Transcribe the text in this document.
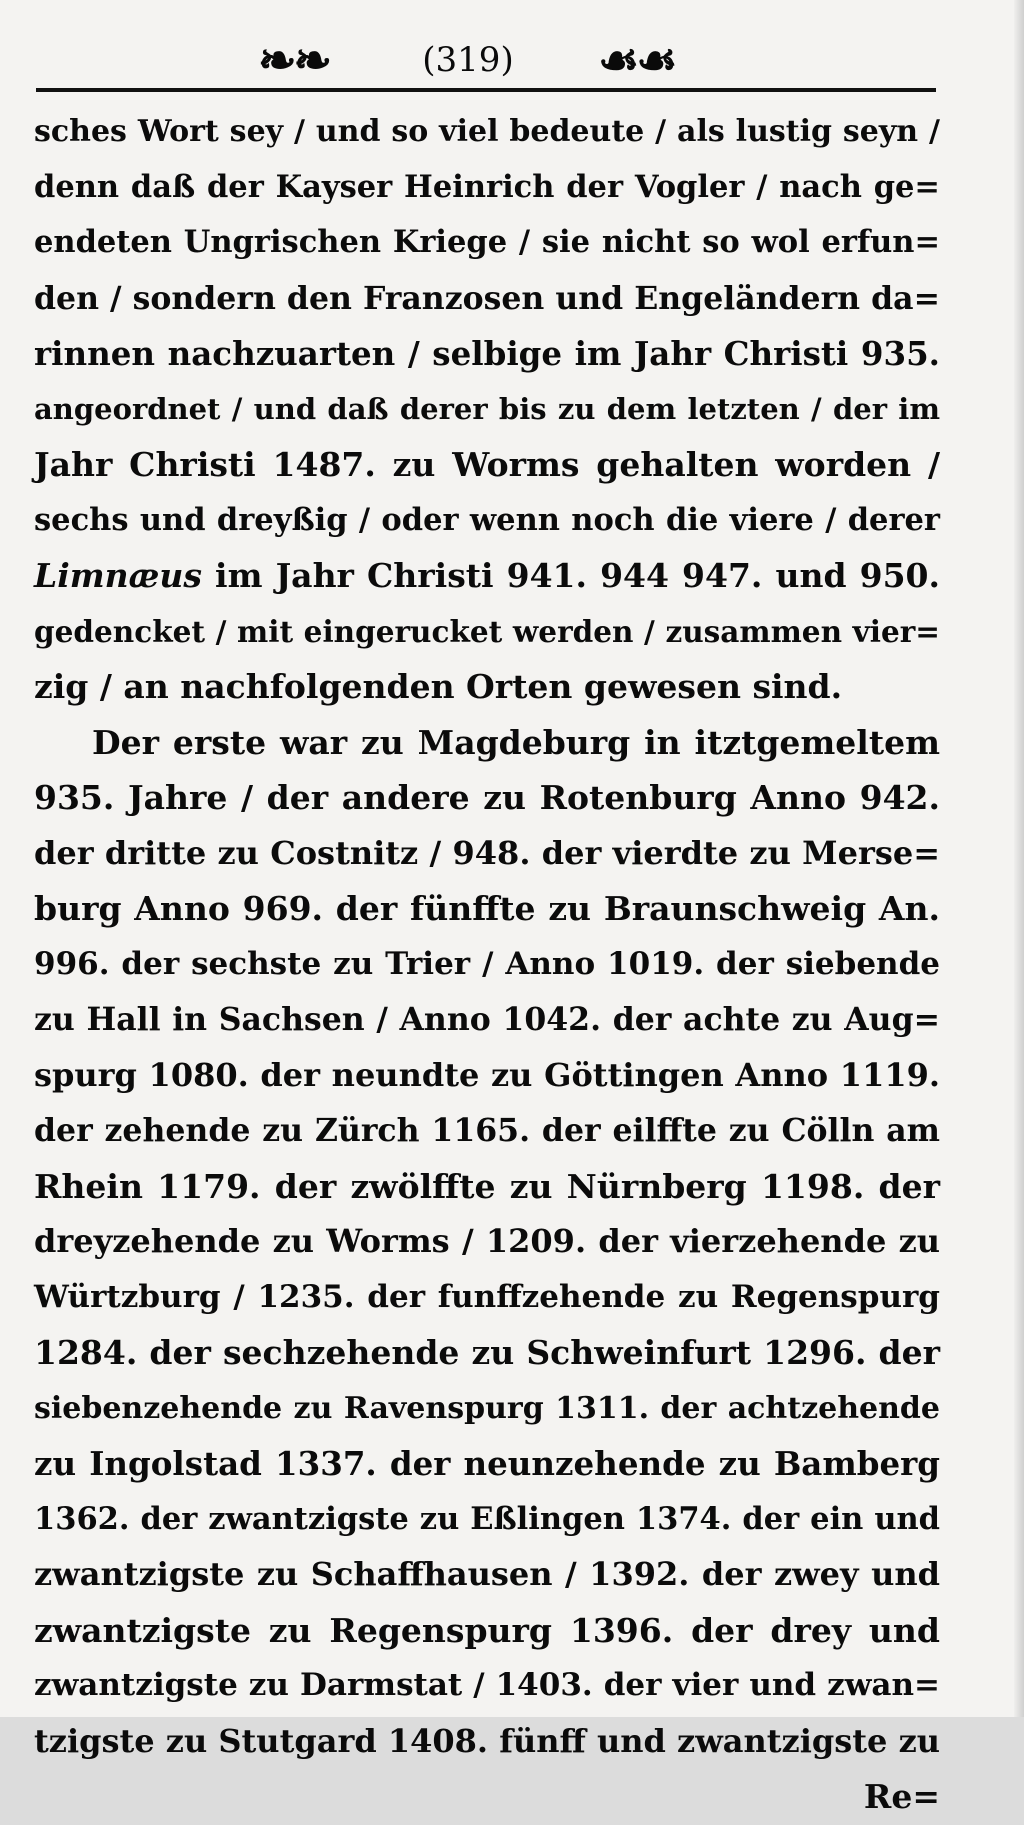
❧❧	(319)	☙☙
sches Wort sey / und so viel bedeute / als lustig seyn /
denn daß der Kayser Heinrich der Vogler / nach ge=
endeten Ungrischen Kriege / sie nicht so wol erfun=
den / sondern den Franzosen und Engeländern da=
rinnen nachzuarten / selbige im Jahr Christi 935.
angeordnet / und daß derer bis zu dem letzten / der im
Jahr Christi 1487. zu Worms gehalten worden /
sechs und dreyßig / oder wenn noch die viere / derer
Limnæus im Jahr Christi 941. 944 947. und 950.
gedencket / mit eingerucket werden / zusammen vier=
zig / an nachfolgenden Orten gewesen sind.
Der erste war zu Magdeburg in itztgemeltem
935. Jahre / der andere zu Rotenburg Anno 942.
der dritte zu Costnitz / 948. der vierdte zu Merse=
burg Anno 969. der fünffte zu Braunschweig An.
996. der sechste zu Trier / Anno 1019. der siebende
zu Hall in Sachsen / Anno 1042. der achte zu Aug=
spurg 1080. der neundte zu Göttingen Anno 1119.
der zehende zu Zürch 1165. der eilffte zu Cölln am
Rhein 1179. der zwölffte zu Nürnberg 1198. der
dreyzehende zu Worms / 1209. der vierzehende zu
Würtzburg / 1235. der funffzehende zu Regenspurg
1284. der sechzehende zu Schweinfurt 1296. der
siebenzehende zu Ravenspurg 1311. der achtzehende
zu Ingolstad 1337. der neunzehende zu Bamberg
1362. der zwantzigste zu Eßlingen 1374. der ein und
zwantzigste zu Schaffhausen / 1392. der zwey und
zwantzigste zu Regenspurg 1396. der drey und
zwantzigste zu Darmstat / 1403. der vier und zwan=
tzigste zu Stutgard 1408. fünff und zwantzigste zu
Re=
